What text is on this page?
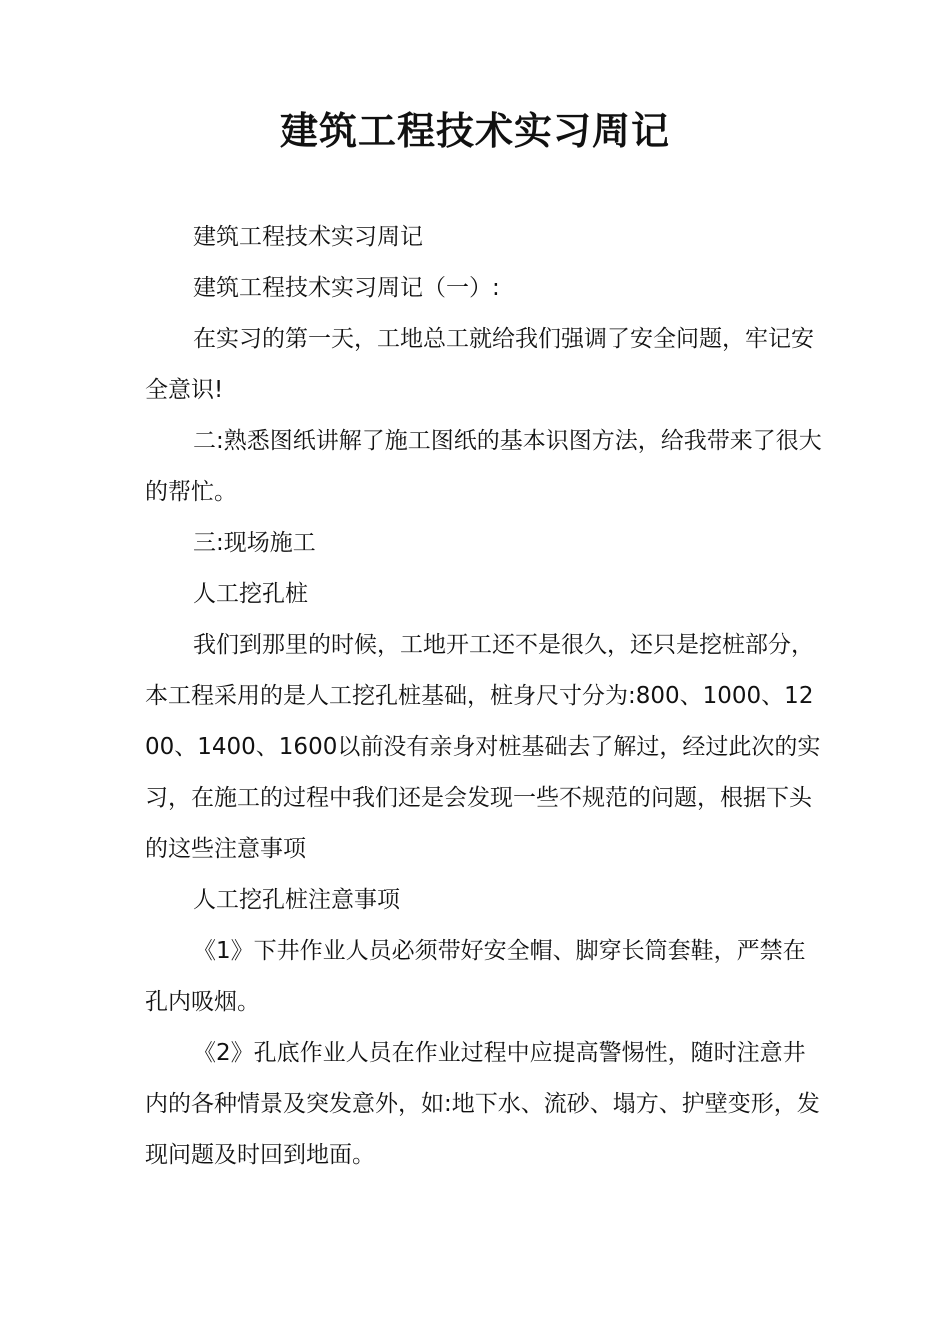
建筑工程技术实习周记

建筑工程技术实习周记

建筑工程技术实习周记（一）:

在实习的第一天，工地总工就给我们强调了安全问题，牢记安全意识!

二:熟悉图纸讲解了施工图纸的基本识图方法，给我带来了很大的帮忙。

三:现场施工

人工挖孔桩

我们到那里的时候，工地开工还不是很久，还只是挖桩部分，本工程采用的是人工挖孔桩基础，桩身尺寸分为:800、1000、1200、1400、1600以前没有亲身对桩基础去了解过，经过此次的实习，在施工的过程中我们还是会发现一些不规范的问题，根据下头的这些注意事项

人工挖孔桩注意事项

《1》下井作业人员必须带好安全帽、脚穿长筒套鞋，严禁在孔内吸烟。

《2》孔底作业人员在作业过程中应提高警惕性，随时注意井内的各种情景及突发意外，如:地下水、流砂、塌方、护壁变形，发现问题及时回到地面。
